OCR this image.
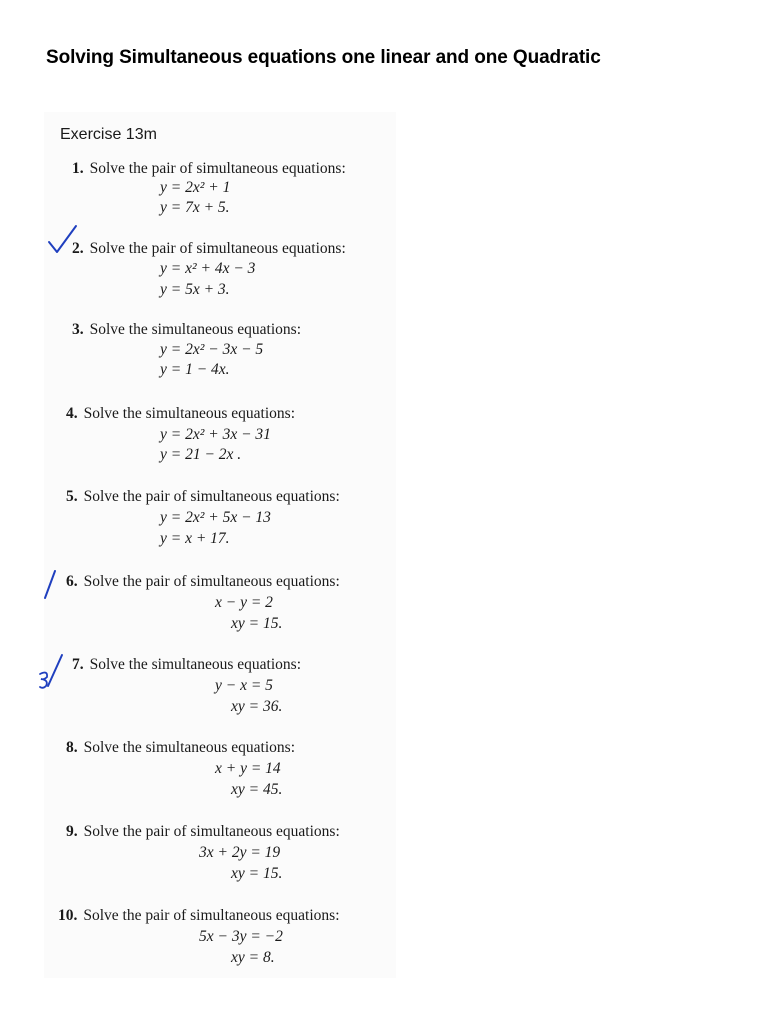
Solving Simultaneous equations one linear and one Quadratic
Exercise 13m
1. Solve the pair of simultaneous equations:
y = 2x² + 1
y = 7x + 5.
2. Solve the pair of simultaneous equations:
y = x² + 4x − 3
y = 5x + 3.
3. Solve the simultaneous equations:
y = 2x² − 3x − 5
y = 1 − 4x.
4. Solve the simultaneous equations:
y = 2x² + 3x − 31
y = 21 − 2x .
5. Solve the pair of simultaneous equations:
y = 2x² + 5x − 13
y = x + 17.
6. Solve the pair of simultaneous equations:
x − y = 2
xy = 15.
7. Solve the simultaneous equations:
y − x = 5
xy = 36.
8. Solve the simultaneous equations:
x + y = 14
xy = 45.
9. Solve the pair of simultaneous equations:
3x + 2y = 19
xy = 15.
10. Solve the pair of simultaneous equations:
5x − 3y = −2
xy = 8.
